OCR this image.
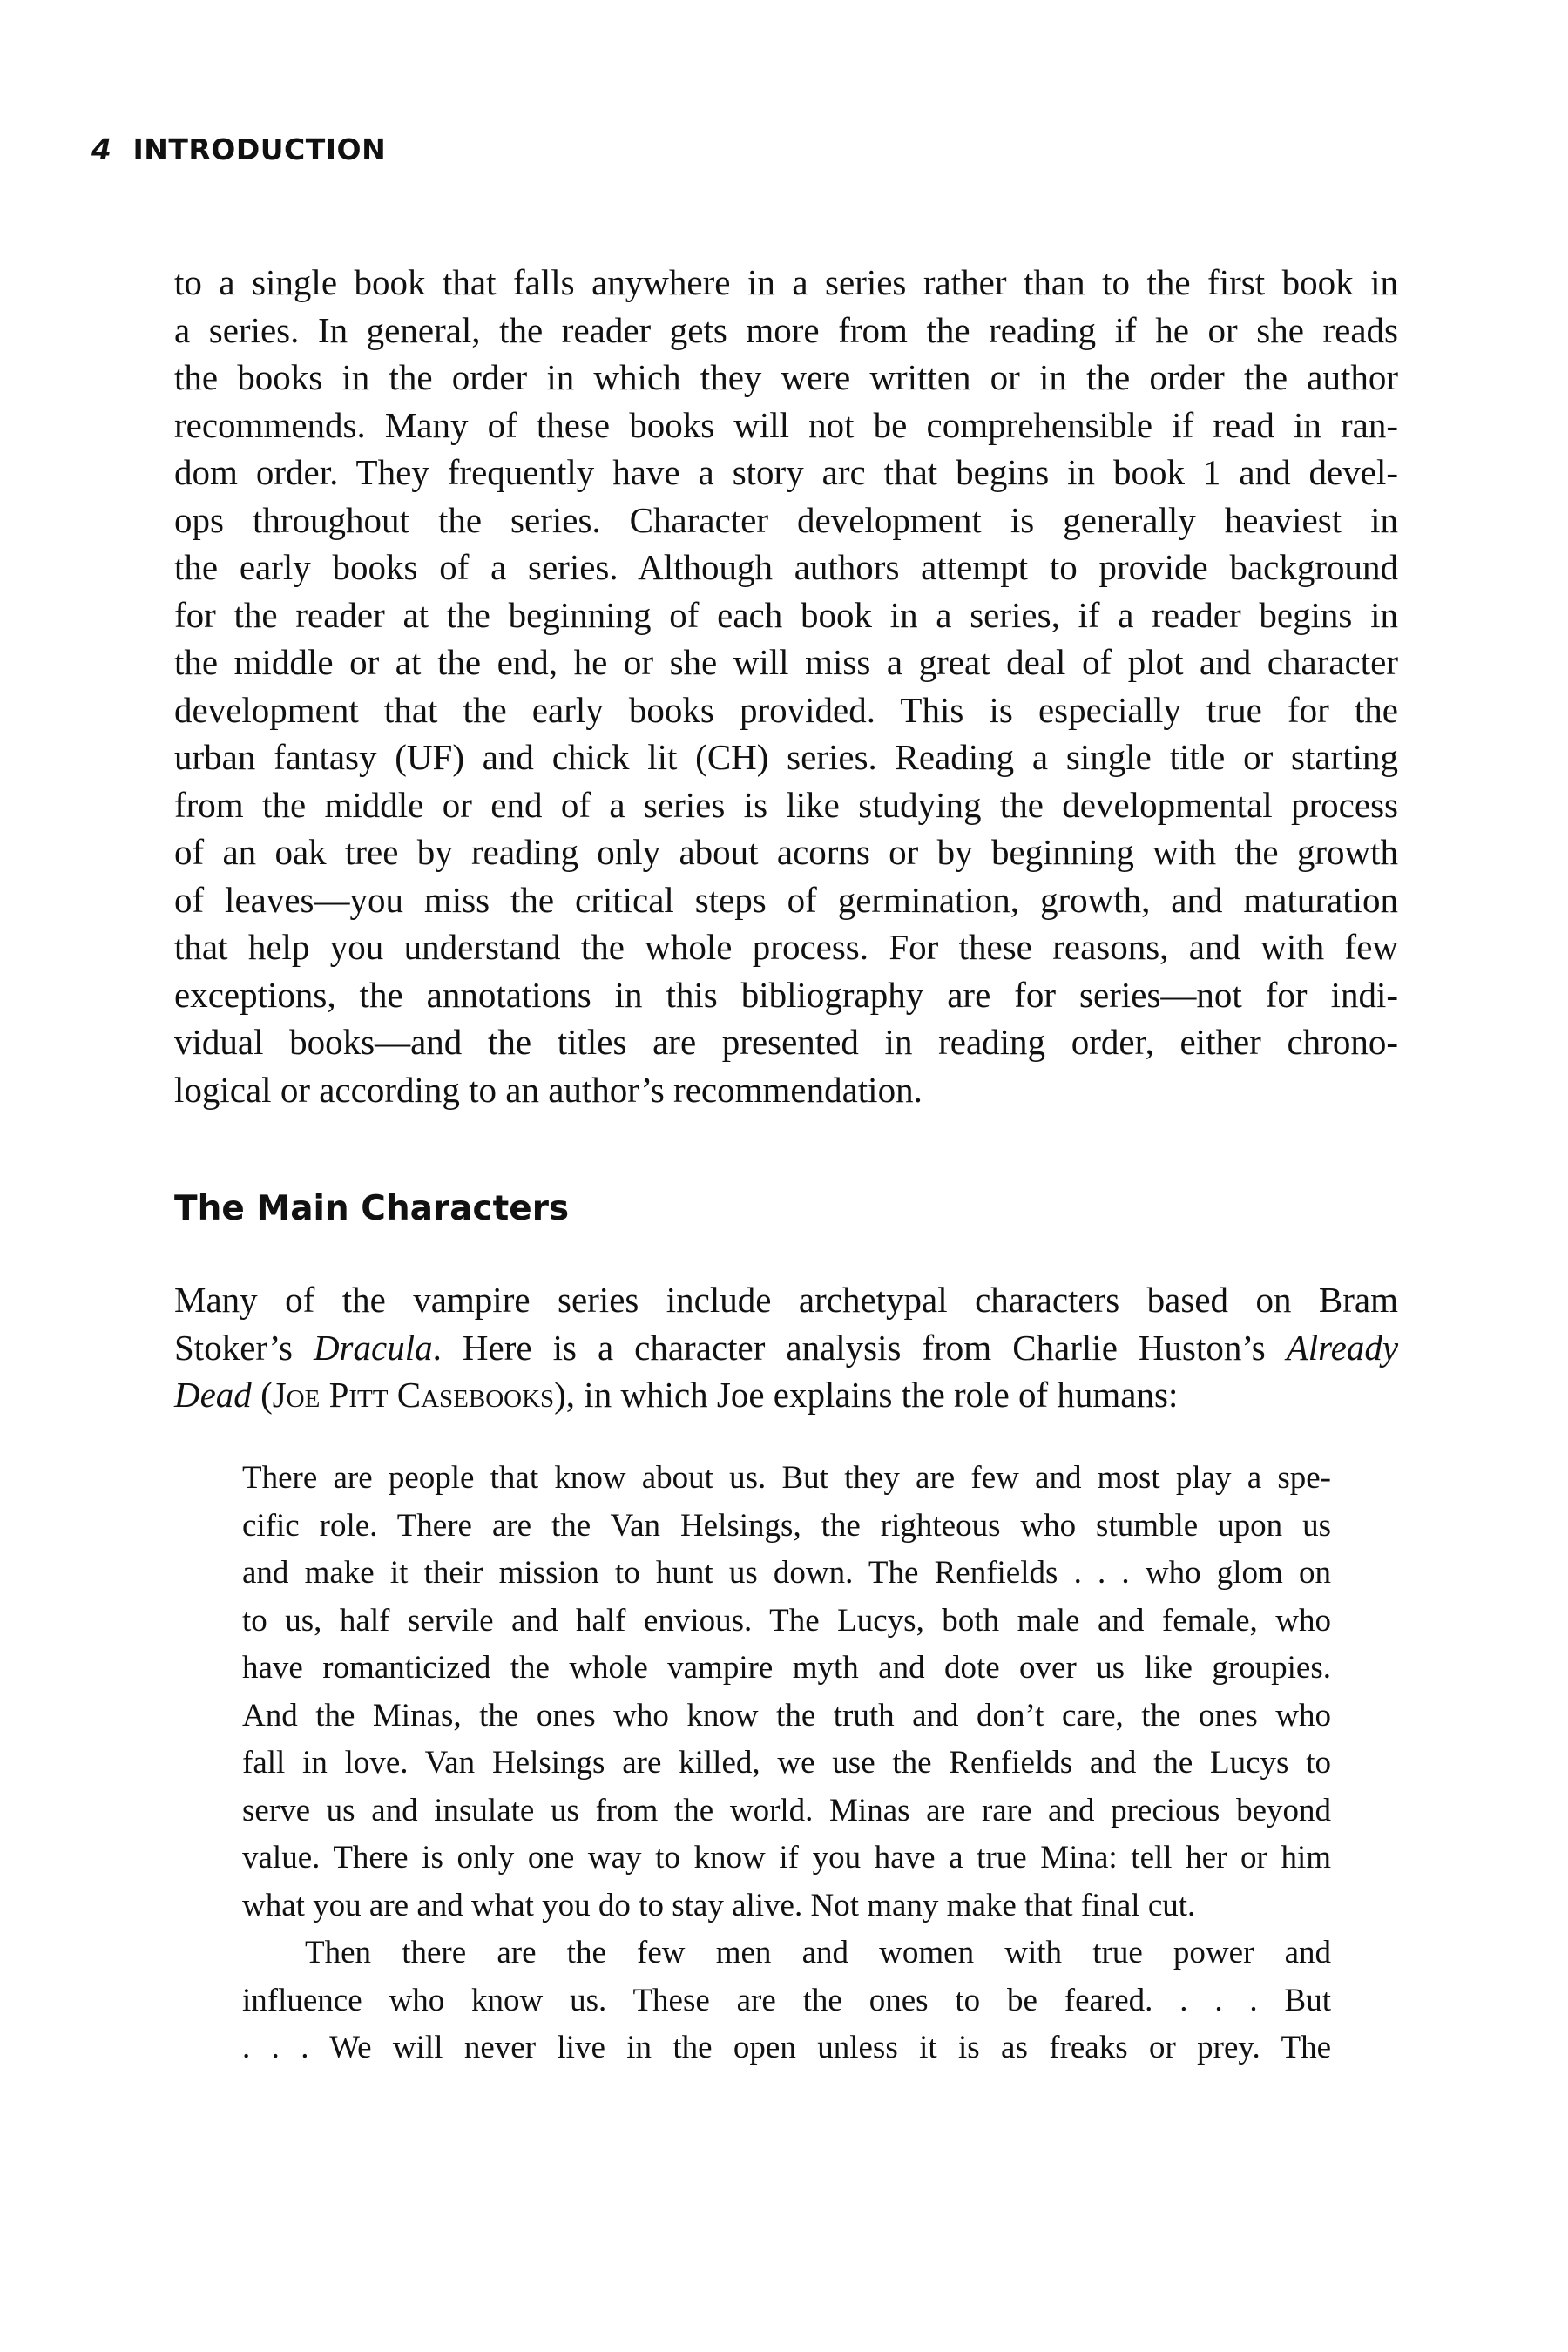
4 INTRODUCTION
to a single book that falls anywhere in a series rather than to the first book in
a series. In general, the reader gets more from the reading if he or she reads
the books in the order in which they were written or in the order the author
recommends. Many of these books will not be comprehensible if read in ran-
dom order. They frequently have a story arc that begins in book 1 and devel-
ops throughout the series. Character development is generally heaviest in
the early books of a series. Although authors attempt to provide background
for the reader at the beginning of each book in a series, if a reader begins in
the middle or at the end, he or she will miss a great deal of plot and character
development that the early books provided. This is especially true for the
urban fantasy (UF) and chick lit (CH) series. Reading a single title or starting
from the middle or end of a series is like studying the developmental process
of an oak tree by reading only about acorns or by beginning with the growth
of leaves—you miss the critical steps of germination, growth, and maturation
that help you understand the whole process. For these reasons, and with few
exceptions, the annotations in this bibliography are for series—not for indi-
vidual books—and the titles are presented in reading order, either chrono-
logical or according to an author’s recommendation.
The Main Characters
Many of the vampire series include archetypal characters based on Bram
Stoker’s Dracula. Here is a character analysis from Charlie Huston’s Already
Dead (Joe Pitt Casebooks), in which Joe explains the role of humans:
There are people that know about us. But they are few and most play a spe-
cific role. There are the Van Helsings, the righteous who stumble upon us
and make it their mission to hunt us down. The Renfields . . . who glom on
to us, half servile and half envious. The Lucys, both male and female, who
have romanticized the whole vampire myth and dote over us like groupies.
And the Minas, the ones who know the truth and don’t care, the ones who
fall in love. Van Helsings are killed, we use the Renfields and the Lucys to
serve us and insulate us from the world. Minas are rare and precious beyond
value. There is only one way to know if you have a true Mina: tell her or him
what you are and what you do to stay alive. Not many make that final cut.
Then there are the few men and women with true power and
influence who know us. These are the ones to be feared. . . . But
. . . We will never live in the open unless it is as freaks or prey. The
